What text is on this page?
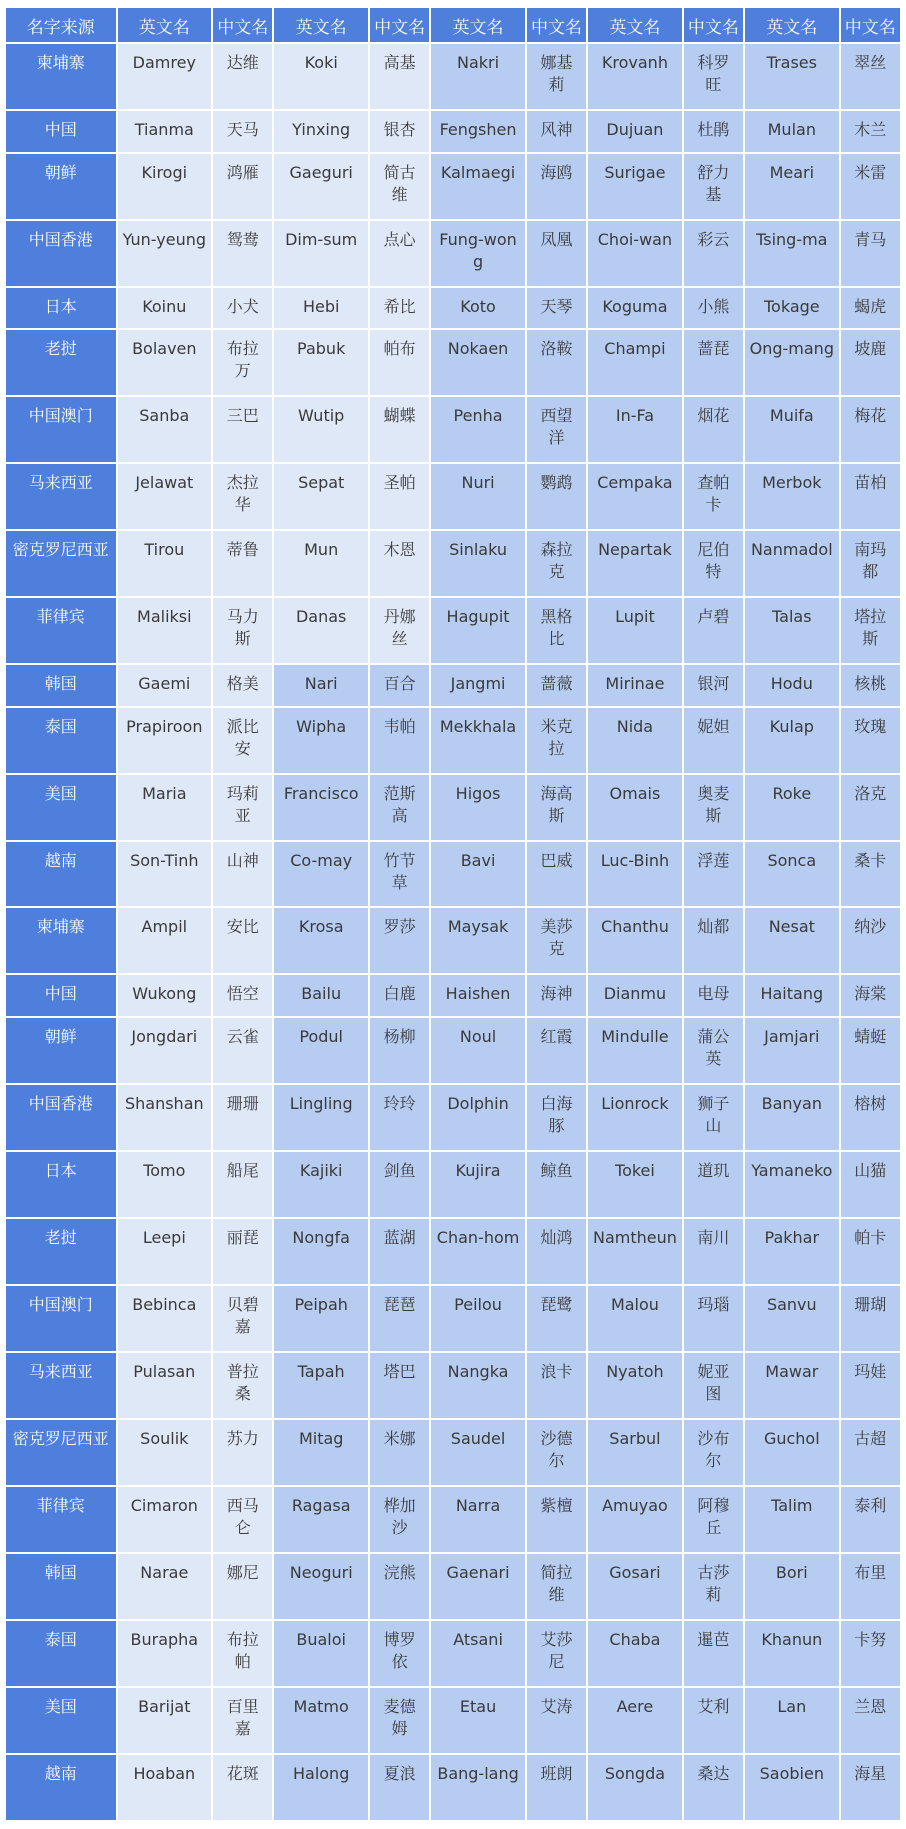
名字来源	英文名	中文名	英文名	中文名	英文名	中文名	英文名	中文名	英文名	中文名
柬埔寨	Damrey	达维	Koki	高基	Nakri	娜基莉	Krovanh	科罗旺	Trases	翠丝
中国	Tianma	天马	Yinxing	银杏	Fengshen	风神	Dujuan	杜鹃	Mulan	木兰
朝鲜	Kirogi	鸿雁	Gaeguri	简古维	Kalmaegi	海鸥	Surigae	舒力基	Meari	米雷
中国香港	Yun-yeung	鸳鸯	Dim-sum	点心	Fung-wong	凤凰	Choi-wan	彩云	Tsing-ma	青马
日本	Koinu	小犬	Hebi	希比	Koto	天琴	Koguma	小熊	Tokage	蝎虎
老挝	Bolaven	布拉万	Pabuk	帕布	Nokaen	洛鞍	Champi	蔷琵	Ong-mang	坡鹿
中国澳门	Sanba	三巴	Wutip	蝴蝶	Penha	西望洋	In-Fa	烟花	Muifa	梅花
马来西亚	Jelawat	杰拉华	Sepat	圣帕	Nuri	鹦鹉	Cempaka	查帕卡	Merbok	苗柏
密克罗尼西亚	Tirou	蒂鲁	Mun	木恩	Sinlaku	森拉克	Nepartak	尼伯特	Nanmadol	南玛都
菲律宾	Maliksi	马力斯	Danas	丹娜丝	Hagupit	黑格比	Lupit	卢碧	Talas	塔拉斯
韩国	Gaemi	格美	Nari	百合	Jangmi	蔷薇	Mirinae	银河	Hodu	核桃
泰国	Prapiroon	派比安	Wipha	韦帕	Mekkhala	米克拉	Nida	妮妲	Kulap	玫瑰
美国	Maria	玛莉亚	Francisco	范斯高	Higos	海高斯	Omais	奥麦斯	Roke	洛克
越南	Son-Tinh	山神	Co-may	竹节草	Bavi	巴威	Luc-Binh	浮莲	Sonca	桑卡
柬埔寨	Ampil	安比	Krosa	罗莎	Maysak	美莎克	Chanthu	灿都	Nesat	纳沙
中国	Wukong	悟空	Bailu	白鹿	Haishen	海神	Dianmu	电母	Haitang	海棠
朝鲜	Jongdari	云雀	Podul	杨柳	Noul	红霞	Mindulle	蒲公英	Jamjari	蜻蜓
中国香港	Shanshan	珊珊	Lingling	玲玲	Dolphin	白海豚	Lionrock	狮子山	Banyan	榕树
日本	Tomo	船尾	Kajiki	剑鱼	Kujira	鲸鱼	Tokei	道玑	Yamaneko	山猫
老挝	Leepi	丽琵	Nongfa	蓝湖	Chan-hom	灿鸿	Namtheun	南川	Pakhar	帕卡
中国澳门	Bebinca	贝碧嘉	Peipah	琵琶	Peilou	琵鹭	Malou	玛瑙	Sanvu	珊瑚
马来西亚	Pulasan	普拉桑	Tapah	塔巴	Nangka	浪卡	Nyatoh	妮亚图	Mawar	玛娃
密克罗尼西亚	Soulik	苏力	Mitag	米娜	Saudel	沙德尔	Sarbul	沙布尔	Guchol	古超
菲律宾	Cimaron	西马仑	Ragasa	桦加沙	Narra	紫檀	Amuyao	阿穆丘	Talim	泰利
韩国	Narae	娜尼	Neoguri	浣熊	Gaenari	简拉维	Gosari	古莎莉	Bori	布里
泰国	Burapha	布拉帕	Bualoi	博罗依	Atsani	艾莎尼	Chaba	暹芭	Khanun	卡努
美国	Barijat	百里嘉	Matmo	麦德姆	Etau	艾涛	Aere	艾利	Lan	兰恩
越南	Hoaban	花斑	Halong	夏浪	Bang-lang	班朗	Songda	桑达	Saobien	海星
